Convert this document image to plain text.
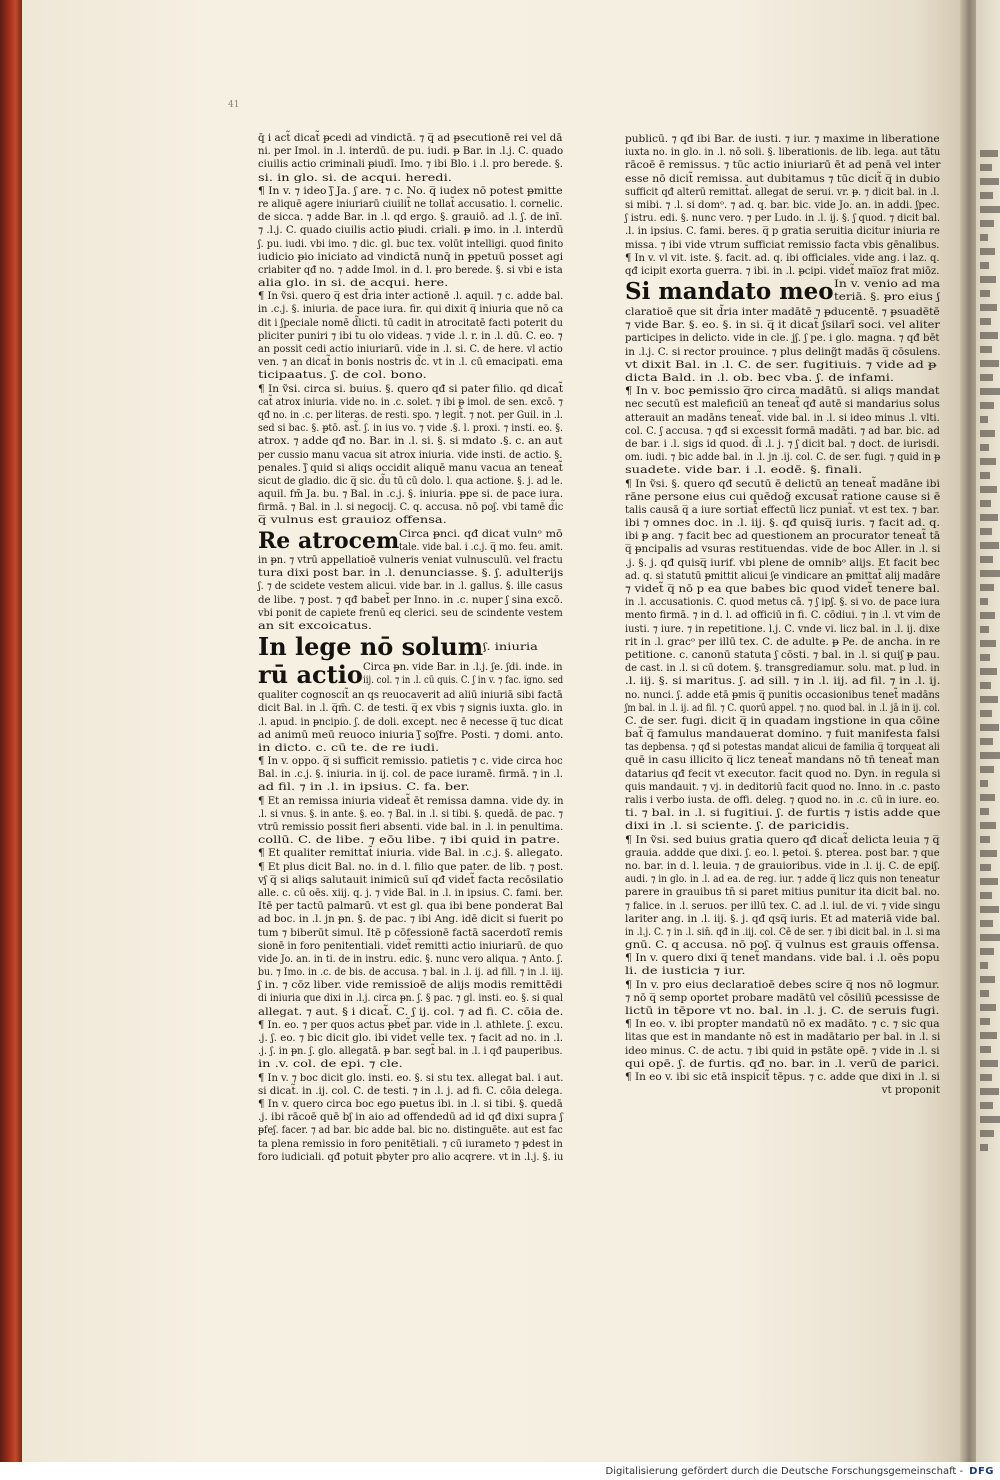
41
q̄ i act̃ dicat̃ ᵽcedi ad vindictā. ⁊ q̅ ad ᵽsecutionē rei vel dā
ni. per Imol. in .l. interdū. de pu. iudi. ᵽ Bar. in .l.j. C. quado
ciuilis actio criminali ᵽiudī. Imo. ⁊ ibi Blo. i .l. pro berede. §.
si. in glo. si. de acqui. heredi.
¶ In v. ⁊ ideo ʃ̄ Ja. ʃ are. ⁊ c. No. q̅ iudex nō potest ᵽmitte
re aliquē agere iniuriarū ciuilit̃ ne tollat̃ accusatio. l. cornelic.
de sicca. ⁊ adde Bar. in .l. qd ergo. §. grauiō. ad .l. ʃ. de inī.
⁊ .l.j. C. quado ciuilis actio ᵽiudi. criali. ᵽ imo. in .l. interdū
ʃ. pu. iudi. vbi imo. ⁊ dic. gl. buc tex. volūt intelligi. quod finito
iudicio ᵽio iniciato ad vindictā nunq̄ in ᵽpetuū posset agi
criabiter qđ no. ⁊ adde Imol. in d. l. ᵽro berede. §. si vbi e ista
alia glo. in si. de acqui. here.
¶ In ṽsi. quero q̅ est d̃ria inter actionē .l. aquil. ⁊ c. adde bal.
in .c.j. §. iniuria. de pace iura. fir. qui dixit q̅ iniuria que nō ca
dit i ʃpeciale nomē d̃licti. tū cadit in atrocitatē facti poterit du
pliciter puniri ⁊ ibi tu olo videas. ⁊ vide .l. r. in .l. dū. C. eo. ⁊
an possit cedi actio iniuriarū. vide in .l. si. C. de here. vl actio
ven. ⁊ an dicat̃ in bonis nostris d̃c. vt in .l. cū emacipati. ema
ticipaatus. ʃ. de col. bono.
¶ In ṽsi. circa si. buius. §. quero qđ si pater filio. qd dicat̃
cat̃ atrox iniuria. vide no. in .c. solet. ⁊ ibi ᵽ imol. de sen. excō. ⁊
qđ no. in .c. per literas. de resti. spo. ⁊ legit̃. ⁊ not. per Guil. in .l.
sed si bac. §. ᵽtō. ast̃. ʃ. in ius vo. ⁊ vide .§. l. proxi. ⁊ insti. eo. §.
atrox. ⁊ adde qđ no. Bar. in .l. si. §. si mdato .§. c. an aut
per cussio manu vacua sit atrox iniuria. vide insti. de actio. §.
penales. ʃ̄ quid si aliqs occidit aliquē manu vacua an teneat̃
sicut de gladio. dic q̅ sic. d̃u tū cū dolo. l. qua actione. §. j. ad le.
aquil. fm̄ Ja. bu. ⁊ Bal. in .c.j. §. iniuria. ᵽpe si. de pace iura.
firmā. ⁊ Bal. in .l. si negocij. C. q. accusa. nō poʃ. vbi tamē d̃ic
q̅ vulnus est grauioz offensa.
Re atrocem Circa ᵽnci. qđ dicat̃ vulnᵒ mō
tale. vide bal. i .c.j. q̅ mo. feu. amit.
in ᵽn. ⁊ vtrū appellatioē vulneris veniat vulnusculū. vel fractu
tura dixi post bar. in .l. denunciasse. §. ʃ. adulterijs
ʃ. ⁊ de scidete vestem alicui. vide bar. in .l. gallus. §. ille casus
de libe. ⁊ post. ⁊ qđ babet̃ per Inno. in .c. nuper ʃ sina excō.
vbi ponit de capiete frenū eq clerici. seu de scindente vestem
an sit excoicatus.
In lege nō solum ʃ. iniuria
rū actio Circa ᵽn. vide Bar. in .l.j. ʃe. ʃdi. inde. in
iij. col. ⁊ in .l. cū quis. C. ʃ in v. ⁊ fac. igno. sed
qualiter cognoscit̃ an qs reuocaverit ad aliū iniuriā sibi factā
dicit Bal. in .l. q̅m̄. C. de testi. q̅ ex vbis ⁊ signis iuxta. glo. in
.l. apud. in ᵽncipio. ʃ. de doli. except. nec ē necesse q̅ tuc dicat
ad animū meū reuoco iniuria ʃ̄ soʃfre. Posti. ⁊ domi. anto.
in dicto. c. cū te. de re iudi.
¶ In v. oppo. q̅ si sufficit remissio. patietis ⁊ c. vide circa hoc
Bal. in .c.j. §. iniuria. in ij. col. de pace iuramē. firmā. ⁊ in .l.
ad fil. ⁊ in .l. in ipsius. C. fa. ber.
¶ Et an remissa iniuria videat̃ ēt remissa damna. vide dy. in
.l. si vnus. §. in ante. §. eo. ⁊ Bal. in .l. si tibi. §. quedā. de pac. ⁊
vtrū remissio possit fieri absenti. vide bal. in .l. in penultima.
collū. C. de libe. ⁊ eōu libe. ⁊ ibi quid in patre.
¶ Et qualiter remittat̃ iniuria. vide Bal. in .c.j. §. allegato.
¶ Et plus dicit Bal. no. in d. l. filio que pater. de lib. ⁊ post.
vʃ q̅ si aliqs salutauit inimicū suī qđ videt̃ facta recōsilatio
alle. c. cū oēs. xiij. q. j. ⁊ vide Bal. in .l. in ipsius. C. fami. ber.
Itē per tactū palmarū. vt est gl. qua ibi bene ponderat Bal
ad boc. in .l. jn ᵽn. §. de pac. ⁊ ibi Ang. idē dicit si fuerit po
tum ⁊ biberūt simul. Itē p cōfessionē factā sacerdotĩ remis
sionē in foro penitentiali. videt̃ remitti actio iniuriarū. de quo
vide Jo. an. in ti. de in instru. edic. §. nunc vero aliqua. ⁊ Anto. ʃ.
bu. ⁊ Imo. in .c. de bis. de accusa. ⁊ bal. in .l. ij. ad fill. ⁊ in .l. iij.
ʃ in. ⁊ cōz liber. vide remissioē de alijs modis remittēdi
di iniuria que dixi in .l.j. circa ᵽn. ʃ. § pac. ⁊ gl. insti. eo. §. si qual
allegat. ⁊ aut. § i dicat̃. C. ʃ ij. col. ⁊ ad fi. C. cōia de.
¶ In. eo. ⁊ per quos actus ᵽbet̃ par. vide in .l. athlete. ʃ. excu.
.j. ʃ. eo. ⁊ bic dicit glo. ibi videt̃ velle tex. ⁊ facit ad no. in .l.
.j. ʃ. in ᵽn. ʃ. glo. allegatā. ᵽ bar. segt̃ bal. in .l. i qđ pauperibus.
in .v. col. de epi. ⁊ cle.
¶ In v. ⁊ boc dicit glo. insti. eo. §. si stu tex. allegat bal. i aut.
si dicat̃. in .ij. col. C. de testi. ⁊ in .l. j. ad fi. C. cōia delega.
¶ In v. quero circa boc ego ᵽuetus ibi. in .l. si tibi. §. quedā
.j. ibi rācoē quē bʃ in aio ad offendedū ad id qđ dixi supra ʃ
ᵽfeʃ. facer. ⁊ ad bar. bic adde bal. bic no. distinguēte. aut est fac
ta plena remissio in foro penitētiali. ⁊ cū iurameto ⁊ ᵽdest in
foro iudiciali. qđ potuit ᵽbyter pro alio acqrere. vt in .l.j. §. iu
publicū. ⁊ qđ ibi Bar. de iusti. ⁊ iur. ⁊ maxime in liberatione
iuxta no. in glo. in .l. nō soli. §. liberationis. de lib. lega. aut tātu
rācoē ē remissus. ⁊ tūc actio iniuriarū ēt ad penā vel inter
esse nō dicit̃ remissa. aut dubitamus ⁊ tūc dicit̃ q̅ in dubio
sufficit qđ alterū remittat̃. allegat de serui. vr. ᵽ. ⁊ dicit bal. in .l.
si mibi. ⁊ .l. si domᵒ. ⁊ ad. q. bar. bic. vide Jo. an. in addi. ʃpec.
ʃ istru. edi. §. nunc vero. ⁊ per Ludo. in .l. ij. §. ʃ quod. ⁊ dicit bal.
.l. in ipsius. C. fami. beres. q̅ p gratia seruitia dicitur iniuria re
missa. ⁊ ibi vide vtrum sufficiat remissio facta vbis gēnalibus.
¶ In v. vl vit. iste. §. facit. ad. q. ibi officiales. vide ang. i laz. q.
qđ icipit exorta guerra. ⁊ ibi. in .l. ᵽcipi. videt̃ mai̅oz frat miōz.
Si mandato meo In v. venio ad ma
teriā. §. ᵽro eius ʃ
claratioē que sit d̃ria inter madātē ⁊ ᵽducentē. ⁊ ᵽsuadētē
⁊ vide Bar. §. eo. §. in si. q̅ it dicat̃ ʃsilarī soci. vel aliter
participes in delicto. vide in cle. jʃ. ʃ pe. i glo. magna. ⁊ qđ bēt
in .l.j. C. si rector prouince. ⁊ plus deling̃t madās q̅ cōsulens.
vt dixit Bal. in .l. C. de ser. fugitiuis. ⁊ vide ad ᵽ
dicta Bald. in .l. ob. bec vba. ʃ. de infami.
¶ In v. boc ᵽemissio q̅ro circa madātū. si aliqs mandat
nec secutū est maleficiū an teneat̃ qđ autē si mandarius solus
atterauit an madāns teneat̃. vide bal. in .l. si ideo minus .l. vlti.
col. C. ʃ accusa. ⁊ qđ si excessit formā madāti. ⁊ ad bar. bic. ad
de bar. i .l. sigs id quod. d̃i .l. j. ⁊ ʃ dicit bal. ⁊ doct. de iurisdi.
om. iudi. ⁊ bic adde bal. in .l. jn .ij. col. C. de ser. fugi. ⁊ quid in ᵽ
suadete. vide bar. i .l. eodē. §. finali.
¶ In ṽsi. §. quero qđ secutū ē delictū an teneat̃ madāne ibi
rāne persone eius cui quēdog̃ excusat̃ ratione cause si ē
talis causā q̅ a iure sortiat̃ effectū licz puniat̃. vt est tex. ⁊ bar.
ibi ⁊ omnes doc. in .l. iij. §. qđ quisq̅ iuris. ⁊ facit ad. q.
ibi ᵽ ang. ⁊ facit bec ad questionem an procurator teneat̃ tā
q̅ ᵽncipalis ad vsuras restituendas. vide de boc Aller. in .l. si
.j. §. j. qđ quisq̅ iurif. vbi plene de omnibᵒ alijs. Et facit bec
ad. q. si statutū ᵽmittit alicui ʃe vindicare an ᵽmittat̃ alij madāre
⁊ videt̃ q̅ nō p ea que babes bic quod videt̃ tenere bal.
in .l. accusationis. C. quod metus cā. ⁊ ʃ ipʃ. §. si vo. de pace iura
mento firmā. ⁊ in d. l. ad officiū in fi. C. cōdiui. ⁊ in .l. vt vim de
iusti. ⁊ iure. ⁊ in repetitione. l.j. C. vnde vi. licz bal. in .l. ij. dixe
rit in .l. gracᵒ per illū tex. C. de adulte. ᵽ Pe. de ancha. in re
petitione. c. canonū statuta ʃ cōsti. ⁊ bal. in .l. si quiʃ ᵽ pau.
de cast. in .l. si cū dotem. §. transgrediamur. solu. mat. p lud. in
.l. iij. §. si maritus. ʃ. ad sill. ⁊ in .l. iij. ad fil. ⁊ in .l. ij.
no. nunci. ʃ. adde etā ᵽmis q̅ punitis occasionibus tenet̃ madāns
ʃm bal. in .l. ij. ad fil. ⁊ C. quorū appel. ⁊ no. quod bal. in .l. jā in ij. col.
C. de ser. fugi. dicit q̅ in quadam ingstione in qua cōine
bat̃ q̅ famulus mandauerat domino. ⁊ fuit manifesta falsi
tas depbensa. ⁊ qđ si potestas mandat alicui de familia q̅ torqueat ali
quē in casu illicito q̅ licz teneat̃ mandans nō tn̄ teneat̃ man
datarius qđ fecit vt executor. facit quod no. Dyn. in regula si
quis mandauit. ⁊ vj. in deditoriū facit quod no. Inno. in .c. pasto
ralis i verbo iusta. de offi. deleg. ⁊ quod no. in .c. cū in iure. eo.
ti. ⁊ bal. in .l. si fugitiui. ʃ. de furtis ⁊ istis adde que
dixi in .l. si sciente. ʃ. de paricidis.
¶ In ṽsi. sed buius gratia quero qđ dicat̃ delicta leuia ⁊ q̅
grauia. addde que dixi. ʃ. eo. l. ᵽetoi. §. pterea. post bar. ⁊ que
no. bar. in d. l. leuia. ⁊ de grauioribus. vide in .l. ij. C. de epiʃ.
audi. ⁊ in glo. in .l. ad ea. de reg. iur. ⁊ adde q̅ licz quis non teneatur
parere in grauibus tn̄ si paret mitius punitur ita dicit bal. no.
⁊ falice. in .l. seruos. per illū tex. C. ad .l. iul. de vi. ⁊ vide singu
lariter ang. in .l. iij. §. j. qđ qsq̅ iuris. Et ad materiā vide bal.
in .l.j. C. ⁊ in .l. sin̄. qđ in .iij. col. Cē de ser. ⁊ ibi dicit bal. in .l. si ma
gnū. C. q accusa. nō poʃ. q̅ vulnus est grauis offensa.
¶ In v. quero dixi q̅ tenet̃ mandans. vide bal. i .l. oēs popu
li. de iusticia ⁊ iur.
¶ In v. pro eius declaratioē debes scire q̅ nos nō logmur.
⁊ nō q̅ semp oportet probare madātū vel cōsiliū ᵽcessisse de
lictū in tēpore vt no. bal. in .l. j. C. de seruis fugi.
¶ In eo. v. ibi propter mandatū nō ex madāto. ⁊ c. ⁊ sic qua
litas que est in mandante nō est in madātario per bal. in .l. si
ideo minus. C. de actu. ⁊ ibi quid in ᵽstāte opē. ⁊ vide in .l. si
qui opē. ʃ. de furtis. qđ no. bar. in .l. verū de parici.
¶ In eo v. ibi sic etā inspicit̃ tēpus. ⁊ c. adde que dixi in .l. si
vt proponit̃
Digitalisierung gefördert durch die Deutsche Forschungsgemeinschaft - DFG
